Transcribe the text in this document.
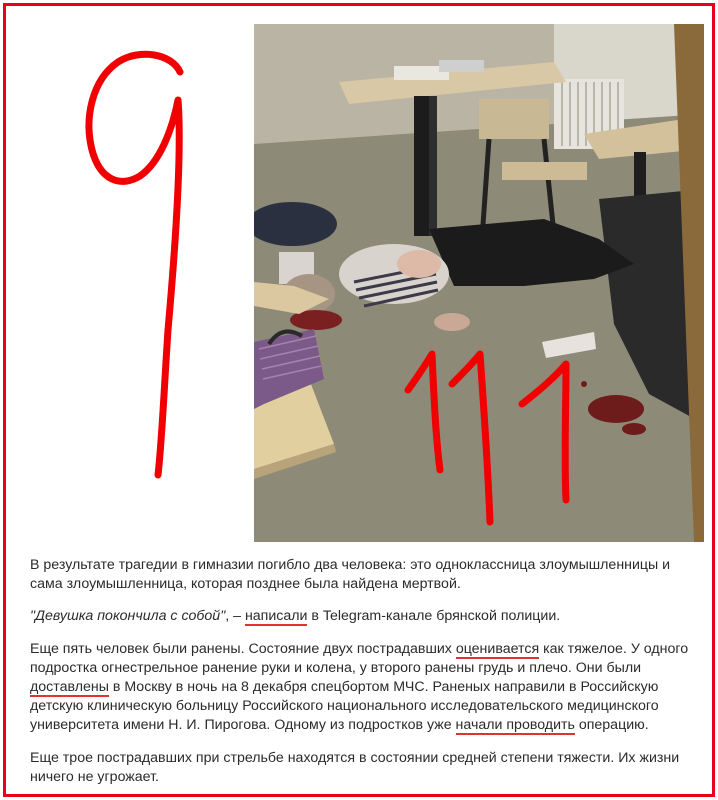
В результате трагедии в гимназии погибло два человека: это одноклассница злоумышленницы и сама злоумышленница, которая позднее была найдена мертвой.

"Девушка покончила с собой", – написали в Telegram-канале брянской полиции.

Еще пять человек были ранены. Состояние двух пострадавших оценивается как тяжелое. У одного подростка огнестрельное ранение руки и колена, у второго ранены грудь и плечо. Они были доставлены в Москву в ночь на 8 декабря спецбортом МЧС. Раненых направили в Российскую детскую клиническую больницу Российского национального исследовательского медицинского университета имени Н. И. Пирогова. Одному из подростков уже начали проводить операцию.

Еще трое пострадавших при стрельбе находятся в состоянии средней степени тяжести. Их жизни ничего не угрожает.
